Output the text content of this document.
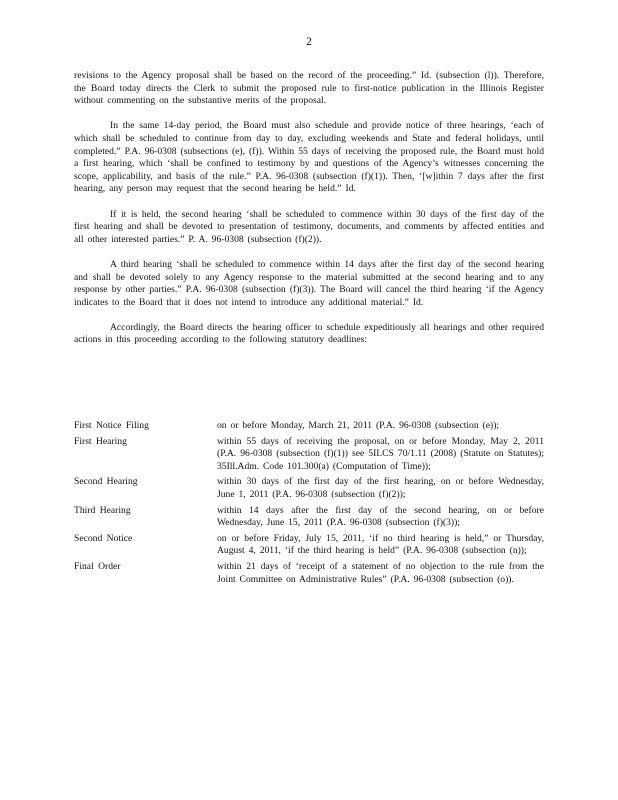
2

revisions to the Agency proposal shall be based on the record of the proceeding.” Id. (subsection (l)). Therefore, the Board today directs the Clerk to submit the proposed rule to first-notice publication in the Illinois Register without commenting on the substantive merits of the proposal.

In the same 14-day period, the Board must also schedule and provide notice of three hearings, ‘each of which shall be scheduled to continue from day to day, excluding weekends and State and federal holidays, until completed.” P.A. 96-0308 (subsections (e), (f)). Within 55 days of receiving the proposed rule, the Board must hold a first hearing, which ‘shall be confined to testimony by and questions of the Agency’s witnesses concerning the scope, applicability, and basis of the rule.” P.A. 96-0308 (subsection (f)(1)). Then, ‘[w]ithin 7 days after the first hearing, any person may request that the second hearing be held.” Id.

If it is held, the second hearing ‘shall be scheduled to commence within 30 days of the first day of the first hearing and shall be devoted to presentation of testimony, documents, and comments by affected entities and all other interested parties.” P. A. 96-0308 (subsection (f)(2)).

A third hearing ‘shall be scheduled to commence within 14 days after the first day of the second hearing and shall be devoted solely to any Agency response to the material submitted at the second hearing and to any response by other parties.” P.A. 96-0308 (subsection (f)(3)). The Board will cancel the third hearing ‘if the Agency indicates to the Board that it does not intend to introduce any additional material.” Id.

Accordingly, the Board directs the hearing officer to schedule expeditiously all hearings and other required actions in this proceeding according to the following statutory deadlines:

First Notice Filing	on or before Monday, March 21, 2011 (P.A. 96-0308 (subsection (e));
First Hearing	within 55 days of receiving the proposal, on or before Monday, May 2, 2011 (P.A. 96-0308 (subsection (f)(1)) see 5ILCS 70/1.11 (2008) (Statute on Statutes); 35Ill.Adm. Code 101.300(a) (Computation of Time));
Second Hearing	within 30 days of the first day of the first hearing, on or before Wednesday, June 1, 2011 (P.A. 96-0308 (subsection (f)(2));
Third Hearing	within 14 days after the first day of the second hearing, on or before Wednesday, June 15, 2011 (P.A. 96-0308 (subsection (f)(3));
Second Notice	on or before Friday, July 15, 2011, ‘if no third hearing is held,” or Thursday, August 4, 2011, ‘if the third hearing is held” (P.A. 96-0308 (subsection (n));
Final Order	within 21 days of ‘receipt of a statement of no objection to the rule from the Joint Committee on Administrative Rules” (P.A. 96-0308 (subsection (o)).
